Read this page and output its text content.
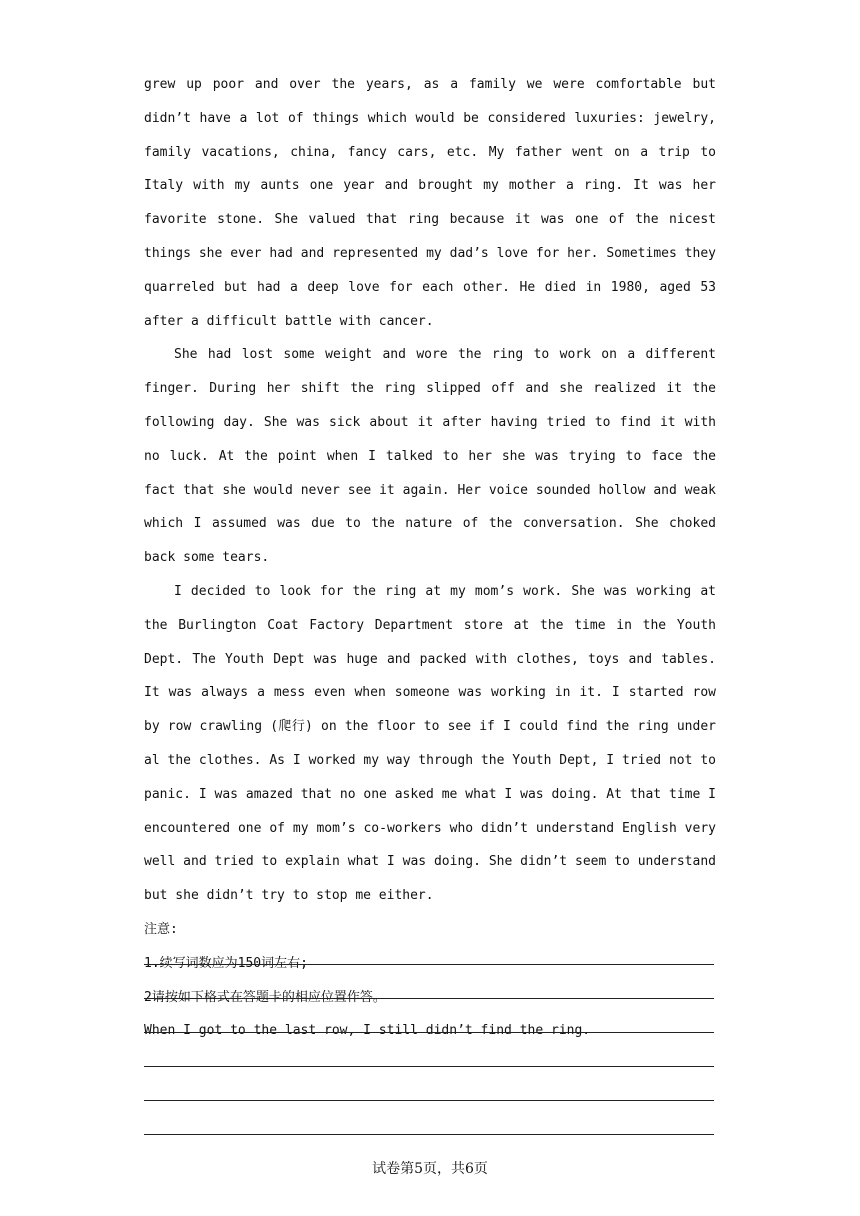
grew up poor and over the years, as a family we were comfortable but didn’t have a lot of things which would be considered luxuries: jewelry, family vacations, china, fancy cars, etc. My father went on a trip to Italy with my aunts one year and brought my mother a ring. It was her favorite stone. She valued that ring because it was one of the nicest things she ever had and represented my dad’s love for her. Sometimes they quarreled but had a deep love for each other. He died in 1980, aged 53 after a difficult battle with cancer.

She had lost some weight and wore the ring to work on a different finger. During her shift the ring slipped off and she realized it the following day. She was sick about it after having tried to find it with no luck. At the point when I talked to her she was trying to face the fact that she would never see it again. Her voice sounded hollow and weak which I assumed was due to the nature of the conversation. She choked back some tears.

I decided to look for the ring at my mom’s work. She was working at the Burlington Coat Factory Department store at the time in the Youth Dept. The Youth Dept was huge and packed with clothes, toys and tables. It was always a mess even when someone was working in it. I started row by row crawling (爬行) on the floor to see if I could find the ring under al the clothes. As I worked my way through the Youth Dept, I tried not to panic. I was amazed that no one asked me what I was doing. At that time I encountered one of my mom’s co-workers who didn’t understand English very well and tried to explain what I was doing. She didn’t seem to understand but she didn’t try to stop me either.

注意:

1.续写词数应为150词左右;

2请按如下格式在答题卡的相应位置作答。

When I got to the last row, I still didn’t find the ring.

试卷第5页，共6页
